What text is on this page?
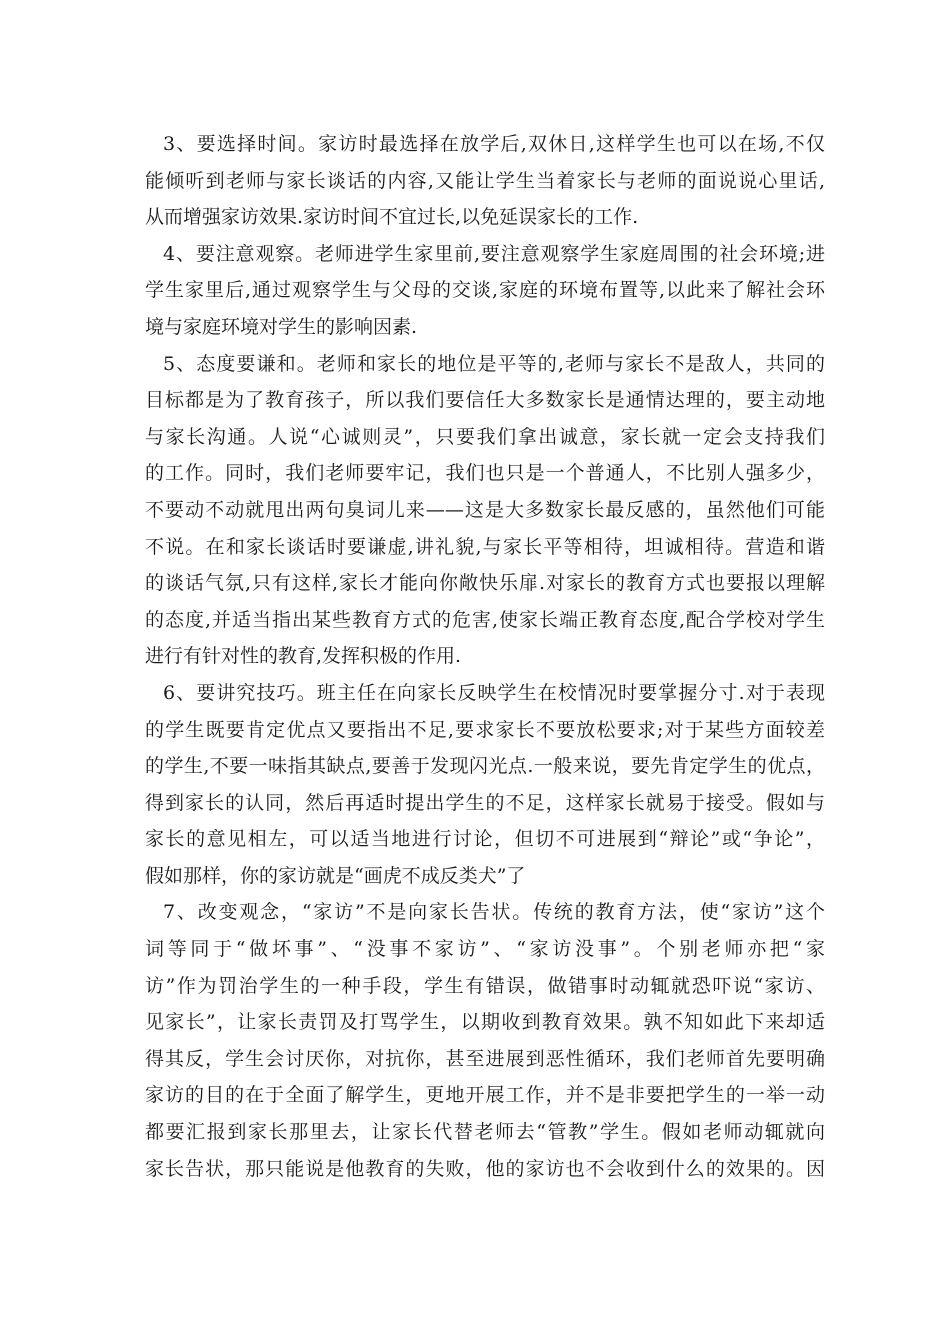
3、要选择时间。家访时最选择在放学后,双休日,这样学生也可以在场,不仅
能倾听到老师与家长谈话的内容,又能让学生当着家长与老师的面说说心里话,
从而增强家访效果.家访时间不宜过长,以免延误家长的工作.
4、要注意观察。老师进学生家里前,要注意观察学生家庭周围的社会环境;进
学生家里后,通过观察学生与父母的交谈,家庭的环境布置等,以此来了解社会环
境与家庭环境对学生的影响因素.
5、态度要谦和。老师和家长的地位是平等的,老师与家长不是敌人，共同的
目标都是为了教育孩子，所以我们要信任大多数家长是通情达理的，要主动地
与家长沟通。人说“心诚则灵”，只要我们拿出诚意，家长就一定会支持我们
的工作。同时，我们老师要牢记，我们也只是一个普通人，不比别人强多少，
不要动不动就甩出两句臭词儿来——这是大多数家长最反感的，虽然他们可能
不说。在和家长谈话时要谦虚,讲礼貌,与家长平等相待，坦诚相待。营造和谐
的谈话气氛,只有这样,家长才能向你敞快乐扉.对家长的教育方式也要报以理解
的态度,并适当指出某些教育方式的危害,使家长端正教育态度,配合学校对学生
进行有针对性的教育,发挥积极的作用.
6、要讲究技巧。班主任在向家长反映学生在校情况时要掌握分寸.对于表现
的学生既要肯定优点又要指出不足,要求家长不要放松要求;对于某些方面较差
的学生,不要一味指其缺点,要善于发现闪光点.一般来说，要先肯定学生的优点，
得到家长的认同，然后再适时提出学生的不足，这样家长就易于接受。假如与
家长的意见相左，可以适当地进行讨论，但切不可进展到“辩论”或“争论”，
假如那样，你的家访就是“画虎不成反类犬”了
7、改变观念，“家访”不是向家长告状。传统的教育方法，使“家访”这个
词等同于“做坏事”、“没事不家访”、“家访没事”。个别老师亦把“家
访”作为罚治学生的一种手段，学生有错误，做错事时动辄就恐吓说“家访、
见家长”，让家长责罚及打骂学生，以期收到教育效果。孰不知如此下来却适
得其反，学生会讨厌你，对抗你，甚至进展到恶性循环，我们老师首先要明确
家访的目的在于全面了解学生，更地开展工作，并不是非要把学生的一举一动
都要汇报到家长那里去，让家长代替老师去“管教”学生。假如老师动辄就向
家长告状，那只能说是他教育的失败，他的家访也不会收到什么的效果的。因
